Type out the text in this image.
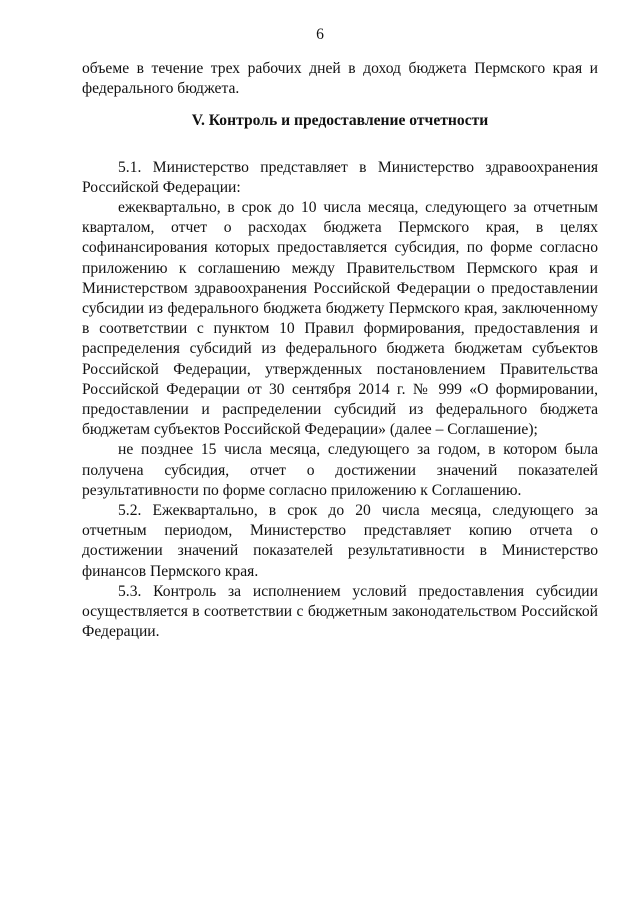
6

объеме в течение трех рабочих дней в доход бюджета Пермского края и федерального бюджета.

V. Контроль и предоставление отчетности

5.1. Министерство представляет в Министерство здравоохранения Российской Федерации:

ежеквартально, в срок до 10 числа месяца, следующего за отчетным кварталом, отчет о расходах бюджета Пермского края, в целях софинансирования которых предоставляется субсидия, по форме согласно приложению к соглашению между Правительством Пермского края и Министерством здравоохранения Российской Федерации о предоставлении субсидии из федерального бюджета бюджету Пермского края, заключенному в соответствии с пунктом 10 Правил формирования, предоставления и распределения субсидий из федерального бюджета бюджетам субъектов Российской Федерации, утвержденных постановлением Правительства Российской Федерации от 30 сентября 2014 г. № 999 «О формировании, предоставлении и распределении субсидий из федерального бюджета бюджетам субъектов Российской Федерации» (далее – Соглашение);

не позднее 15 числа месяца, следующего за годом, в котором была получена субсидия, отчет о достижении значений показателей результативности по форме согласно приложению к Соглашению.

5.2. Ежеквартально, в срок до 20 числа месяца, следующего за отчетным периодом, Министерство представляет копию отчета о достижении значений показателей результативности в Министерство финансов Пермского края.

5.3. Контроль за исполнением условий предоставления субсидии осуществляется в соответствии с бюджетным законодательством Российской Федерации.
